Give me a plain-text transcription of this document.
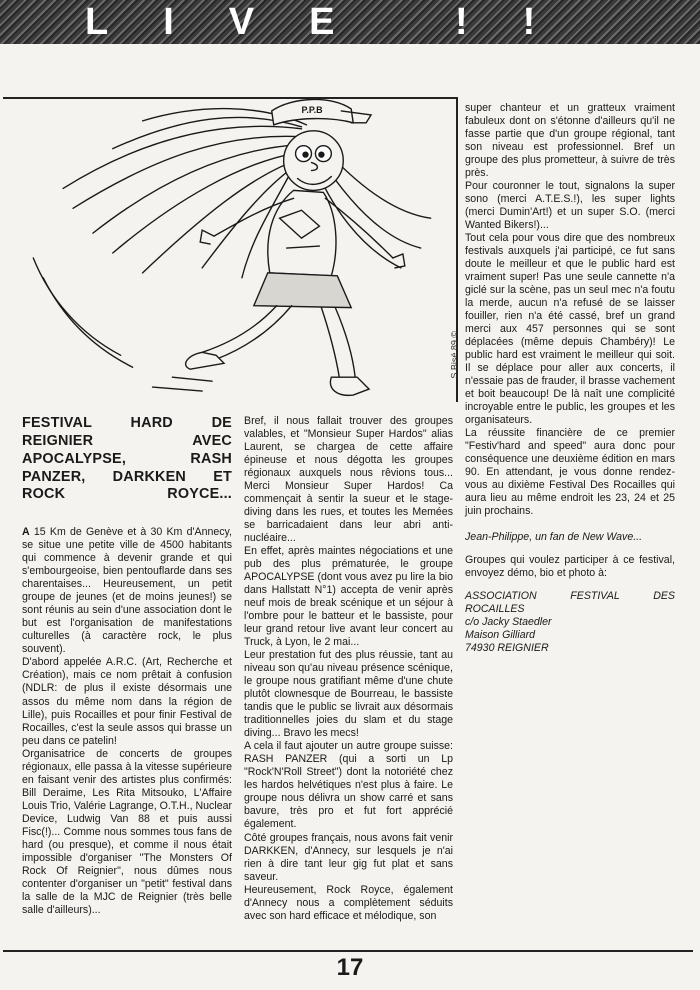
LIVE !!
P.P.B
S.Bisé 89 ©
FESTIVAL HARD DE REIGNIER AVEC APOCALYPSE, RASH PANZER, DARKKEN ET ROCK ROYCE...

A 15 Km de Genève et à 30 Km d'Annecy, se situe une petite ville de 4500 habitants qui commence à devenir grande et qui s'embourgeoise, bien pentouflarde dans ses charentaises... Heureusement, un petit groupe de jeunes (et de moins jeunes!) se sont réunis au sein d'une association dont le but est l'organisation de manifestations culturelles (à caractère rock, le plus souvent).

D'abord appelée A.R.C. (Art, Recherche et Création), mais ce nom prêtait à confusion (NDLR: de plus il existe désormais une assos du même nom dans la région de Lille), puis Rocailles et pour finir Festival de Rocailles, c'est la seule assos qui brasse un peu dans ce patelin!

Organisatrice de concerts de groupes régionaux, elle passa à la vitesse supérieure en faisant venir des artistes plus confirmés: Bill Deraime, Les Rita Mitsouko, L'Affaire Louis Trio, Valérie Lagrange, O.T.H., Nuclear Device, Ludwig Van 88 et puis aussi Fisc(!)... Comme nous sommes tous fans de hard (ou presque), et comme il nous était impossible d'organiser "The Monsters Of Rock Of Reignier", nous dûmes nous contenter d'organiser un "petit" festival dans la salle de la MJC de Reignier (très belle salle d'ailleurs)...

Bref, il nous fallait trouver des groupes valables, et "Monsieur Super Hardos" alias Laurent, se chargea de cette affaire épineuse et nous dégotta les groupes régionaux auxquels nous rêvions tous... Merci Monsieur Super Hardos! Ca commençait à sentir la sueur et le stage-diving dans les rues, et toutes les Memées se barricadaient dans leur abri anti-nucléaire...

En effet, après maintes négociations et une pub des plus prématurée, le groupe APOCALYPSE (dont vous avez pu lire la bio dans Hallstatt N°1) accepta de venir après neuf mois de break scénique et un séjour à l'ombre pour le batteur et le bassiste, pour leur grand retour live avant leur concert au Truck, à Lyon, le 2 mai...

Leur prestation fut des plus réussie, tant au niveau son qu'au niveau présence scénique, le groupe nous gratifiant même d'une chute plutôt clownesque de Bourreau, le bassiste tandis que le public se livrait aux désormais traditionnelles joies du slam et du stage diving... Bravo les mecs!

A cela il faut ajouter un autre groupe suisse: RASH PANZER (qui a sorti un Lp "Rock'N'Roll Street") dont la notoriété chez les hardos helvétiques n'est plus à faire. Le groupe nous délivra un show carré et sans bavure, très pro et fut fort apprécié également.

Côté groupes français, nous avons fait venir DARKKEN, d'Annecy, sur lesquels je n'ai rien à dire tant leur gig fut plat et sans saveur.

Heureusement, Rock Royce, également d'Annecy nous a complètement séduits avec son hard efficace et mélodique, son

super chanteur et un gratteux vraiment fabuleux dont on s'étonne d'ailleurs qu'il ne fasse partie que d'un groupe régional, tant son niveau est professionnel. Bref un groupe des plus prometteur, à suivre de très près.

Pour couronner le tout, signalons la super sono (merci A.T.E.S.!), les super lights (merci Dumin'Art!) et un super S.O. (merci Wanted Bikers!)...

Tout cela pour vous dire que des nombreux festivals auxquels j'ai participé, ce fut sans doute le meilleur et que le public hard est vraiment super! Pas une seule cannette n'a giclé sur la scène, pas un seul mec n'a foutu la merde, aucun n'a refusé de se laisser fouiller, rien n'a été cassé, bref un grand merci aux 457 personnes qui se sont déplacées (même depuis Chambéry)! Le public hard est vraiment le meilleur qui soit. Il se déplace pour aller aux concerts, il n'essaie pas de frauder, il brasse vachement et boit beaucoup! De là naît une complicité incroyable entre le public, les groupes et les organisateurs.

La réussite financière de ce premier "Festiv'hard and speed" aura donc pour conséquence une deuxième édition en mars 90. En attendant, je vous donne rendez-vous au dixième Festival Des Rocailles qui aura lieu au même endroit les 23, 24 et 25 juin prochains.

Jean-Philippe, un fan de New Wave...

Groupes qui voulez participer à ce festival, envoyez démo, bio et photo à:

ASSOCIATION FESTIVAL DES
ROCAILLES
c/o Jacky Staedler
Maison Gilliard
74930 REIGNIER

17
